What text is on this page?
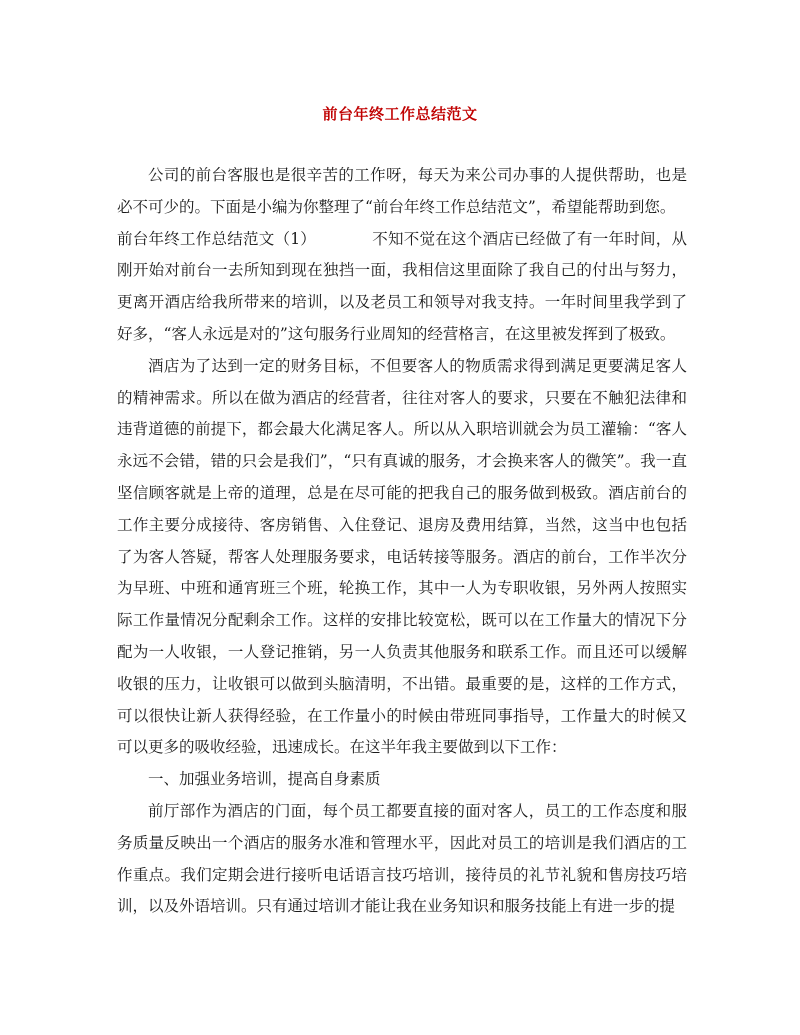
前台年终工作总结范文

公司的前台客服也是很辛苦的工作呀，每天为来公司办事的人提供帮助，也是必不可少的。下面是小编为你整理了“前台年终工作总结范文”，希望能帮助到您。

前台年终工作总结范文（1）	不知不觉在这个酒店已经做了有一年时间，从刚开始对前台一去所知到现在独挡一面，我相信这里面除了我自己的付出与努力，更离开酒店给我所带来的培训，以及老员工和领导对我支持。一年时间里我学到了好多，“客人永远是对的”这句服务行业周知的经营格言，在这里被发挥到了极致。

酒店为了达到一定的财务目标，不但要客人的物质需求得到满足更要满足客人的精神需求。所以在做为酒店的经营者，往往对客人的要求，只要在不触犯法律和违背道德的前提下，都会最大化满足客人。所以从入职培训就会为员工灌输：“客人永远不会错，错的只会是我们”，“只有真诚的服务，才会换来客人的微笑”。我一直坚信顾客就是上帝的道理，总是在尽可能的把我自己的服务做到极致。酒店前台的工作主要分成接待、客房销售、入住登记、退房及费用结算，当然，这当中也包括了为客人答疑，帮客人处理服务要求，电话转接等服务。酒店的前台，工作半次分为早班、中班和通宵班三个班，轮换工作，其中一人为专职收银，另外两人按照实际工作量情况分配剩余工作。这样的安排比较宽松，既可以在工作量大的情况下分配为一人收银，一人登记推销，另一人负责其他服务和联系工作。而且还可以缓解收银的压力，让收银可以做到头脑清明，不出错。最重要的是，这样的工作方式，可以很快让新人获得经验，在工作量小的时候由带班同事指导，工作量大的时候又可以更多的吸收经验，迅速成长。在这半年我主要做到以下工作：

一、加强业务培训，提高自身素质

前厅部作为酒店的门面，每个员工都要直接的面对客人，员工的工作态度和服务质量反映出一个酒店的服务水准和管理水平，因此对员工的培训是我们酒店的工作重点。我们定期会进行接听电话语言技巧培训，接待员的礼节礼貌和售房技巧培训，以及外语培训。只有通过培训才能让我在业务知识和服务技能上有进一步的提
